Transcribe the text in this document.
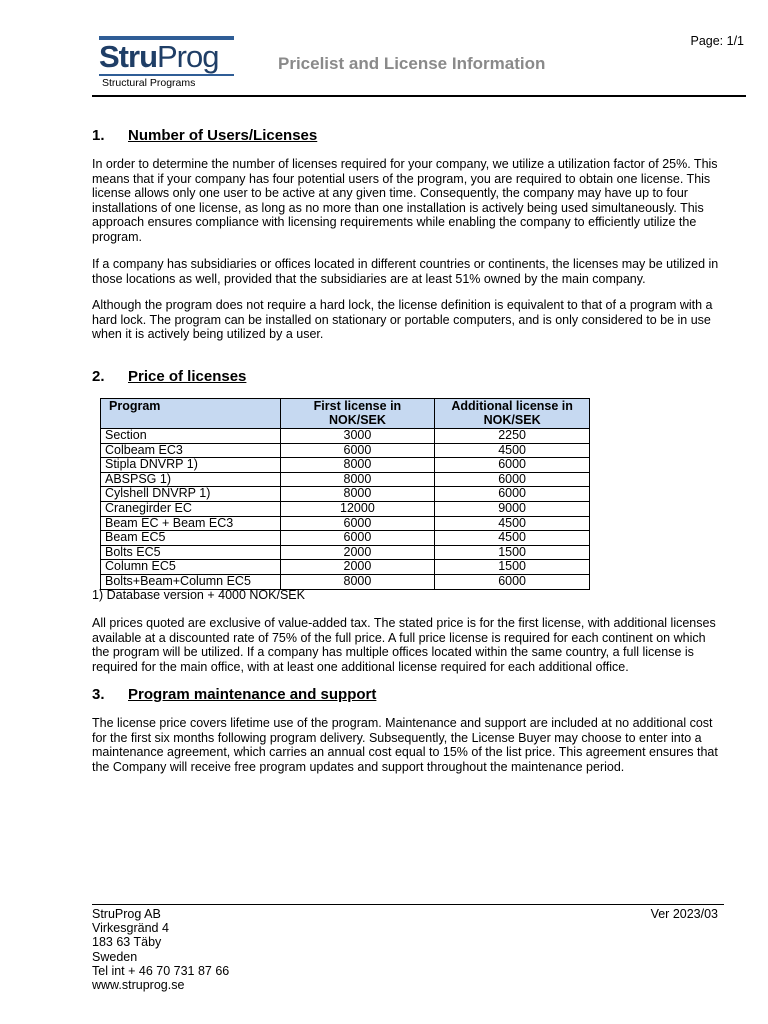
StruProg
Structural Programs
Pricelist and License Information
Page: 1/1
1. Number of Users/Licenses
In order to determine the number of licenses required for your company, we utilize a utilization factor of 25%. This means that if your company has four potential users of the program, you are required to obtain one license. This license allows only one user to be active at any given time. Consequently, the company may have up to four installations of one license, as long as no more than one installation is actively being used simultaneously. This approach ensures compliance with licensing requirements while enabling the company to efficiently utilize the program.
If a company has subsidiaries or offices located in different countries or continents, the licenses may be utilized in those locations as well, provided that the subsidiaries are at least 51% owned by the main company.
Although the program does not require a hard lock, the license definition is equivalent to that of a program with a hard lock. The program can be installed on stationary or portable computers, and is only considered to be in use when it is actively being utilized by a user.
2. Price of licenses
Program	First license in NOK/SEK	Additional license in NOK/SEK
Section	3000	2250
Colbeam EC3	6000	4500
Stipla DNVRP 1)	8000	6000
ABSPSG 1)	8000	6000
Cylshell DNVRP 1)	8000	6000
Cranegirder EC	12000	9000
Beam EC + Beam EC3	6000	4500
Beam EC5	6000	4500
Bolts EC5	2000	1500
Column EC5	2000	1500
Bolts+Beam+Column EC5	8000	6000
1) Database version + 4000 NOK/SEK
All prices quoted are exclusive of value-added tax. The stated price is for the first license, with additional licenses available at a discounted rate of 75% of the full price. A full price license is required for each continent on which the program will be utilized. If a company has multiple offices located within the same country, a full license is required for the main office, with at least one additional license required for each additional office.
3. Program maintenance and support
The license price covers lifetime use of the program. Maintenance and support are included at no additional cost for the first six months following program delivery. Subsequently, the License Buyer may choose to enter into a maintenance agreement, which carries an annual cost equal to 15% of the list price. This agreement ensures that the Company will receive free program updates and support throughout the maintenance period.
StruProg AB
Virkesgränd 4
183 63 Täby
Sweden
Tel int + 46 70 731 87 66
www.struprog.se
Ver 2023/03
